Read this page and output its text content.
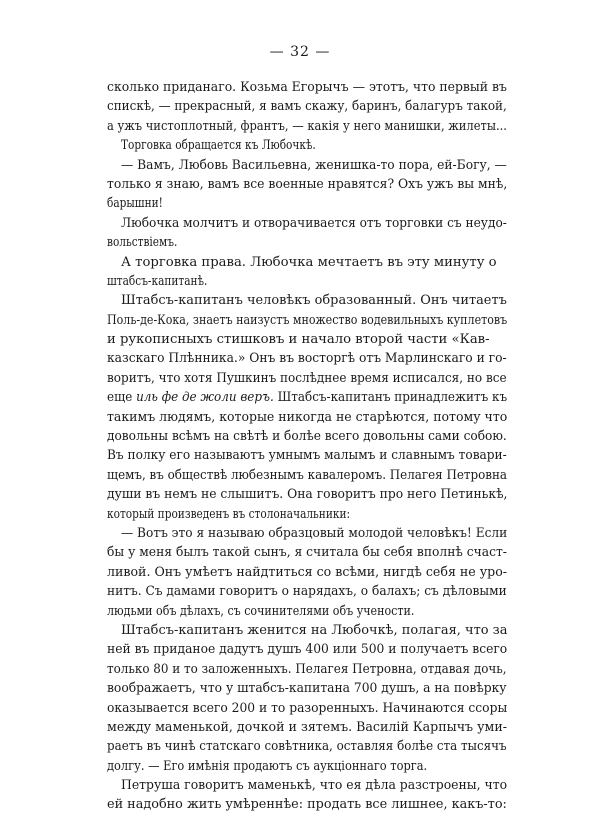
— 32 —
сколько приданаго. Козьма Егорычъ — этотъ, что первый въ
спискѣ, — прекрасный, я вамъ скажу, баринъ, балагуръ такой,
а ужъ чистоплотный, франтъ, — какія у него манишки, жилеты...
Торговка обращается къ Любочкѣ.
— Вамъ, Любовь Васильевна, женишка-то пора, ей-Богу, —
только я знаю, вамъ все военные нравятся? Охъ ужъ вы мнѣ,
барышни!
Любочка молчитъ и отворачивается отъ торговки съ неудо-
вольствіемъ.
А торговка права. Любочка мечтаетъ въ эту минуту о
штабсъ-капитанѣ.
Штабсъ-капитанъ человѣкъ образованный. Онъ читаетъ
Поль-де-Кока, знаетъ наизустъ множество водевильныхъ куплетовъ
и рукописныхъ стишковъ и начало второй части «Кав-
казскаго Плѣнника.» Онъ въ восторгѣ отъ Марлинскаго и го-
воритъ, что хотя Пушкинъ послѣднее время исписался, но все
еще иль фе де жоли веръ. Штабсъ-капитанъ принадлежитъ къ
такимъ людямъ, которые никогда не старѣются, потому что
довольны всѣмъ на свѣтѣ и болѣе всего довольны сами собою.
Въ полку его называютъ умнымъ малымъ и славнымъ товари-
щемъ, въ обществѣ любезнымъ кавалеромъ. Пелагея Петровна
души въ немъ не слышитъ. Она говоритъ про него Петинькѣ,
который произведенъ въ столоначальники:
— Вотъ это я называю образцовый молодой человѣкъ! Если
бы у меня былъ такой сынъ, я считала бы себя вполнѣ счаст-
ливой. Онъ умѣетъ найдтиться со всѣми, нигдѣ себя не уро-
нитъ. Съ дамами говоритъ о нарядахъ, о балахъ; съ дѣловыми
людьми объ дѣлахъ, съ сочинителями объ учености.
Штабсъ-капитанъ женится на Любочкѣ, полагая, что за
ней въ приданое дадутъ душъ 400 или 500 и получаетъ всего
только 80 и то заложенныхъ. Пелагея Петровна, отдавая дочь,
воображаетъ, что у штабсъ-капитана 700 душъ, а на повѣрку
оказывается всего 200 и то разоренныхъ. Начинаются ссоры
между маменькой, дочкой и зятемъ. Василій Карпычъ уми-
раетъ въ чинѣ статскаго совѣтника, оставляя болѣе ста тысячъ
долгу. — Его имѣнія продаютъ съ аукціоннаго торга.
Петруша говоритъ маменькѣ, что ея дѣла разстроены, что
ей надобно жить умѣреннѣе: продать все лишнее, какъ-то:
